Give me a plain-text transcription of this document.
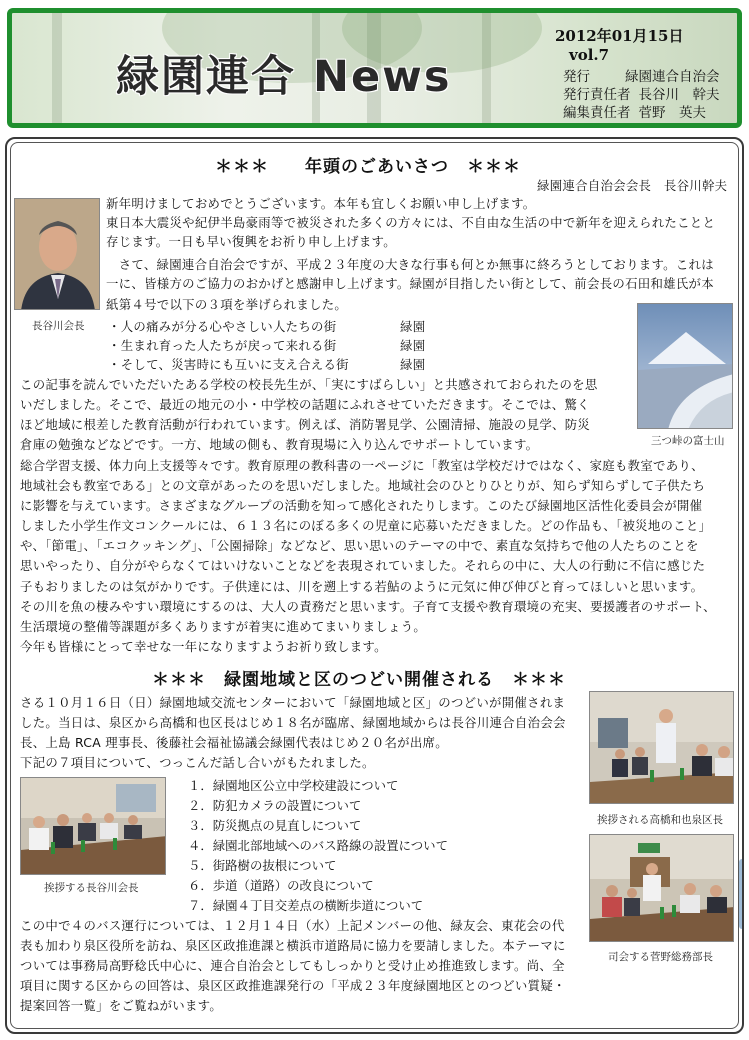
緑園連合 News
2012年01月15日vol.7
発行	緑園連合自治会
発行責任者 長谷川　幹夫
編集責任者 菅野　英夫
＊＊＊　　年頭のごあいさつ　＊＊＊
緑園連合自治会会長　長谷川幹夫
長谷川会長
新年明けましておめでとうございます。本年も宜しくお願い申し上げます。
東日本大震災や紀伊半島豪雨等で被災された多くの方々には、不自由な生活の中で新年を迎えられたことと
存じます。一日も早い復興をお祈り申し上げます。
　さて、緑園連合自治会ですが、平成２３年度の大きな行事も何とか無事に終ろうとしております。これは
一に、皆様方のご協力のおかげと感謝申し上げます。緑園が目指したい街として、前会長の石田和雄氏が本
紙第４号で以下の３項を挙げられました。
・人の痛みが分る心やさしい人たちの街	緑園
・生まれ育った人たちが戻って来れる街	緑園
・そして、災害時にも互いに支え合える街	緑園
三つ峠の富士山
この記事を読んでいただいたある学校の校長先生が、「実にすばらしい」と共感されておられたのを思
いだしました。そこで、最近の地元の小・中学校の話題にふれさせていただきます。そこでは、驚く
ほど地域に根差した教育活動が行われています。例えば、消防署見学、公園清掃、施設の見学、防災
倉庫の勉強などなどです。一方、地域の側も、教育現場に入り込んでサポートしています。
総合学習支援、体力向上支援等々です。教育原理の教科書の一ページに「教室は学校だけではなく、家庭も教室であり、
地域社会も教室である」との文章があったのを思いだしました。地域社会のひとりひとりが、知らず知らずして子供たち
に影響を与えています。さまざまなグループの活動を知って感化されたりします。このたび緑園地区活性化委員会が開催
しました小学生作文コンクールには、６１３名にのぼる多くの児童に応募いただきました。どの作品も、「被災地のこと」
や、「節電」、「エコクッキング」、「公園掃除」などなど、思い思いのテーマの中で、素直な気持ちで他の人たちのことを
思いやったり、自分がやらなくてはいけないことなどを表現されていました。それらの中に、大人の行動に不信に感じた
子もおりましたのは気がかりです。子供達には、川を遡上する若鮎のように元気に伸び伸びと育ってほしいと思います。
その川を魚の棲みやすい環境にするのは、大人の責務だと思います。子育て支援や教育環境の充実、要援護者のサポート、
生活環境の整備等課題が多くありますが着実に進めてまいりましょう。
今年も皆様にとって幸せな一年になりますようお祈り致します。
＊＊＊　緑園地域と区のつどい開催される　＊＊＊
さる１０月１６日（日）緑園地域交流センターにおいて「緑園地域と区」のつどいが開催されま
した。当日は、泉区から高橋和也区長はじめ１８名が臨席、緑園地域からは長谷川連合自治会会
長、上島 RCA 理事長、後藤社会福祉協議会緑園代表はじめ２０名が出席。
下記の７項目について、つっこんだ話し合いがもたれました。
挨拶する長谷川会長
１．緑園地区公立中学校建設について
２．防犯カメラの設置について
３．防災拠点の見直しについて
４．緑園北部地域へのバス路線の設置について
５．街路樹の抜根について
６．歩道（道路）の改良について
７．緑園４丁目交差点の横断歩道について
挨拶される高橋和也泉区長
司会する菅野総務部長
この中で４のバス運行については、１２月１４日（水）上記メンバーの他、緑友会、東花会の代
表も加わり泉区役所を訪ね、泉区区政推進課と横浜市道路局に協力を要請しました。本テーマに
ついては事務局高野稔氏中心に、連合自治会としてもしっかりと受け止め推進致します。尚、全
項目に関する区からの回答は、泉区区政推進課発行の「平成２３年度緑園地区とのつどい質疑・
提案回答一覧」をご覧ねがいます。
